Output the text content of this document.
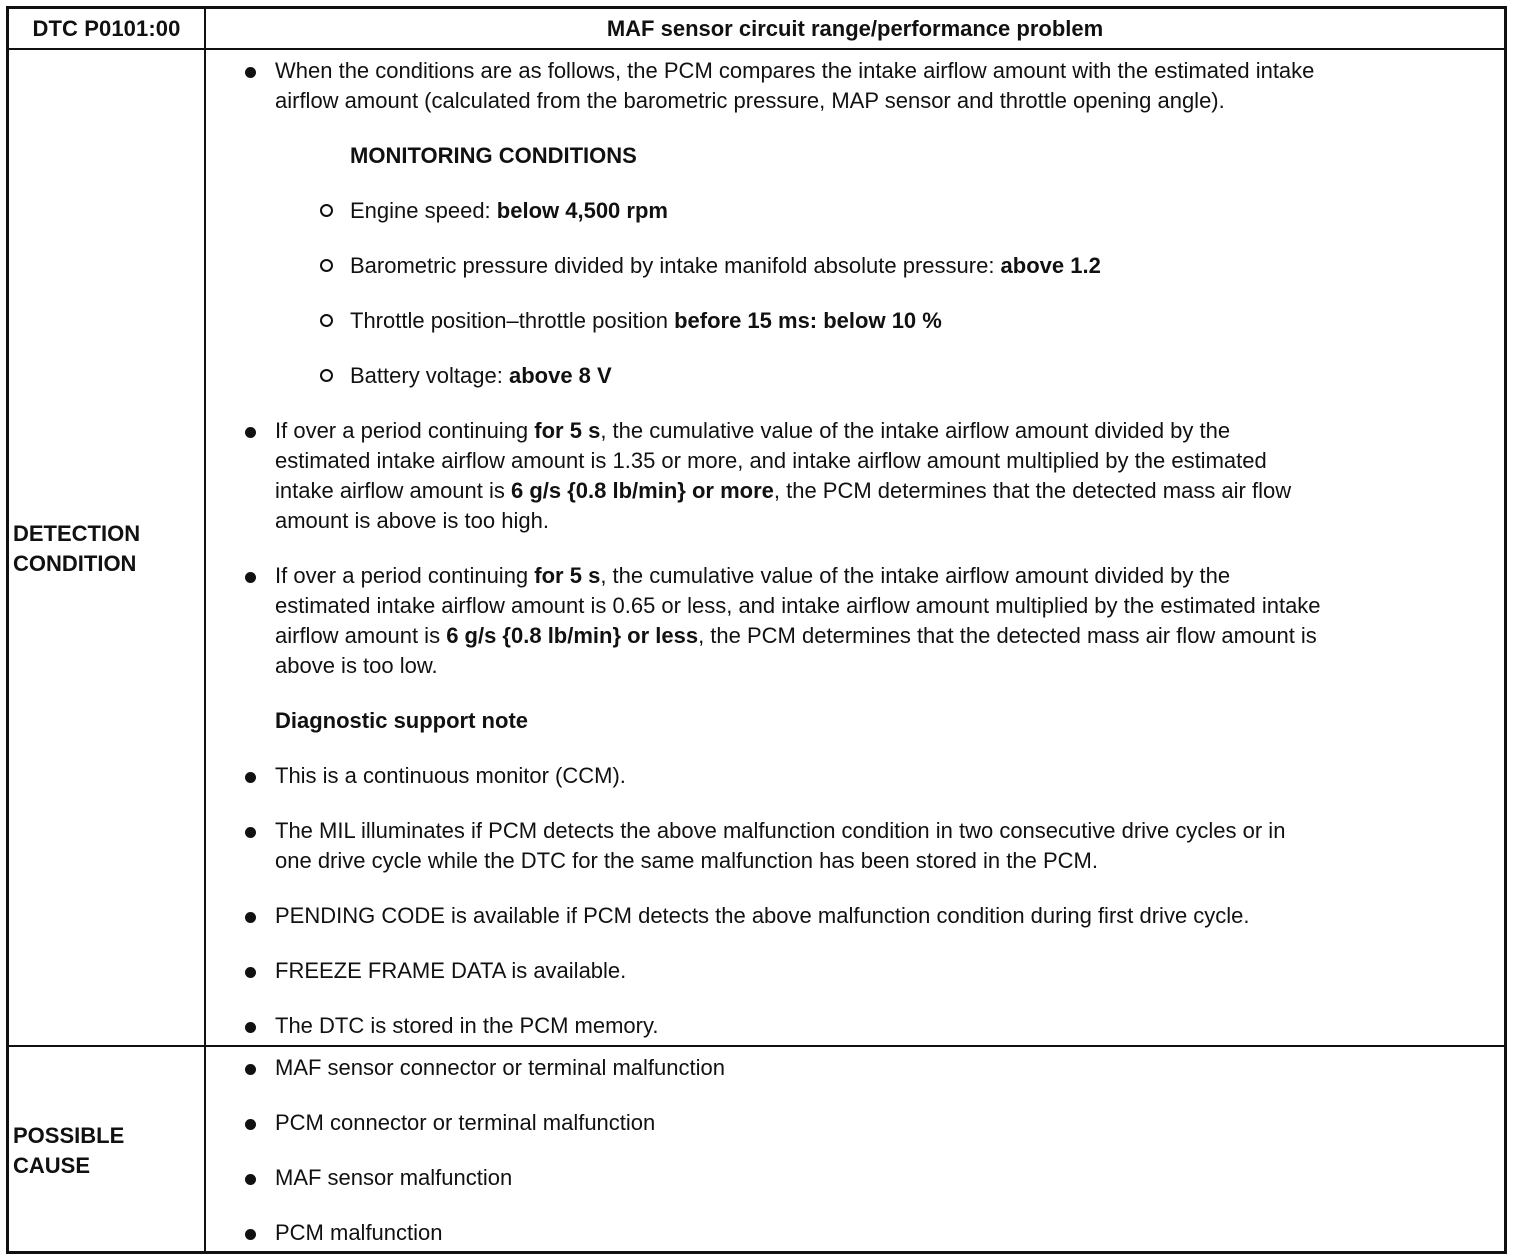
DTC P0101:00	MAF sensor circuit range/performance problem
DETECTION
CONDITION
POSSIBLE
CAUSE
When the conditions are as follows, the PCM compares the intake airflow amount with the estimated intake
airflow amount (calculated from the barometric pressure, MAP sensor and throttle opening angle).
MONITORING CONDITIONS
Engine speed: below 4,500 rpm
Barometric pressure divided by intake manifold absolute pressure: above 1.2
Throttle position–throttle position before 15 ms: below 10 %
Battery voltage: above 8 V
If over a period continuing for 5 s, the cumulative value of the intake airflow amount divided by the
estimated intake airflow amount is 1.35 or more, and intake airflow amount multiplied by the estimated
intake airflow amount is 6 g/s {0.8 lb/min} or more, the PCM determines that the detected mass air flow
amount is above is too high.
If over a period continuing for 5 s, the cumulative value of the intake airflow amount divided by the
estimated intake airflow amount is 0.65 or less, and intake airflow amount multiplied by the estimated intake
airflow amount is 6 g/s {0.8 lb/min} or less, the PCM determines that the detected mass air flow amount is
above is too low.
Diagnostic support note
This is a continuous monitor (CCM).
The MIL illuminates if PCM detects the above malfunction condition in two consecutive drive cycles or in
one drive cycle while the DTC for the same malfunction has been stored in the PCM.
PENDING CODE is available if PCM detects the above malfunction condition during first drive cycle.
FREEZE FRAME DATA is available.
The DTC is stored in the PCM memory.
MAF sensor connector or terminal malfunction
PCM connector or terminal malfunction
MAF sensor malfunction
PCM malfunction
